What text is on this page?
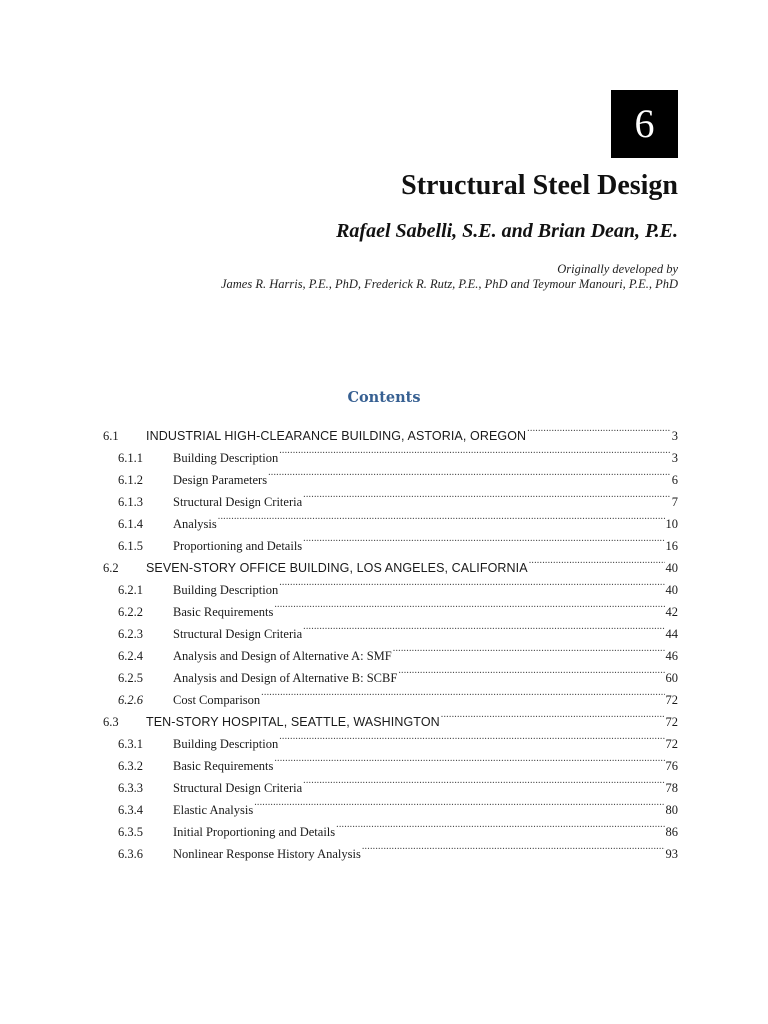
6
Structural Steel Design
Rafael Sabelli, S.E. and Brian Dean, P.E.
Originally developed by
James R. Harris, P.E., PhD, Frederick R. Rutz, P.E., PhD and Teymour Manouri, P.E., PhD
Contents
6.1	INDUSTRIAL HIGH-CLEARANCE BUILDING, ASTORIA, OREGON .....	3
6.1.1	Building Description .....	3
6.1.2	Design Parameters .....	6
6.1.3	Structural Design Criteria .....	7
6.1.4	Analysis .....	10
6.1.5	Proportioning and Details .....	16
6.2	SEVEN-STORY OFFICE BUILDING, LOS ANGELES, CALIFORNIA .....	40
6.2.1	Building Description .....	40
6.2.2	Basic Requirements .....	42
6.2.3	Structural Design Criteria .....	44
6.2.4	Analysis and Design of Alternative A: SMF .....	46
6.2.5	Analysis and Design of Alternative B: SCBF .....	60
6.2.6	Cost Comparison .....	72
6.3	TEN-STORY HOSPITAL, SEATTLE, WASHINGTON .....	72
6.3.1	Building Description .....	72
6.3.2	Basic Requirements .....	76
6.3.3	Structural Design Criteria .....	78
6.3.4	Elastic Analysis .....	80
6.3.5	Initial Proportioning and Details .....	86
6.3.6	Nonlinear Response History Analysis .....	93
